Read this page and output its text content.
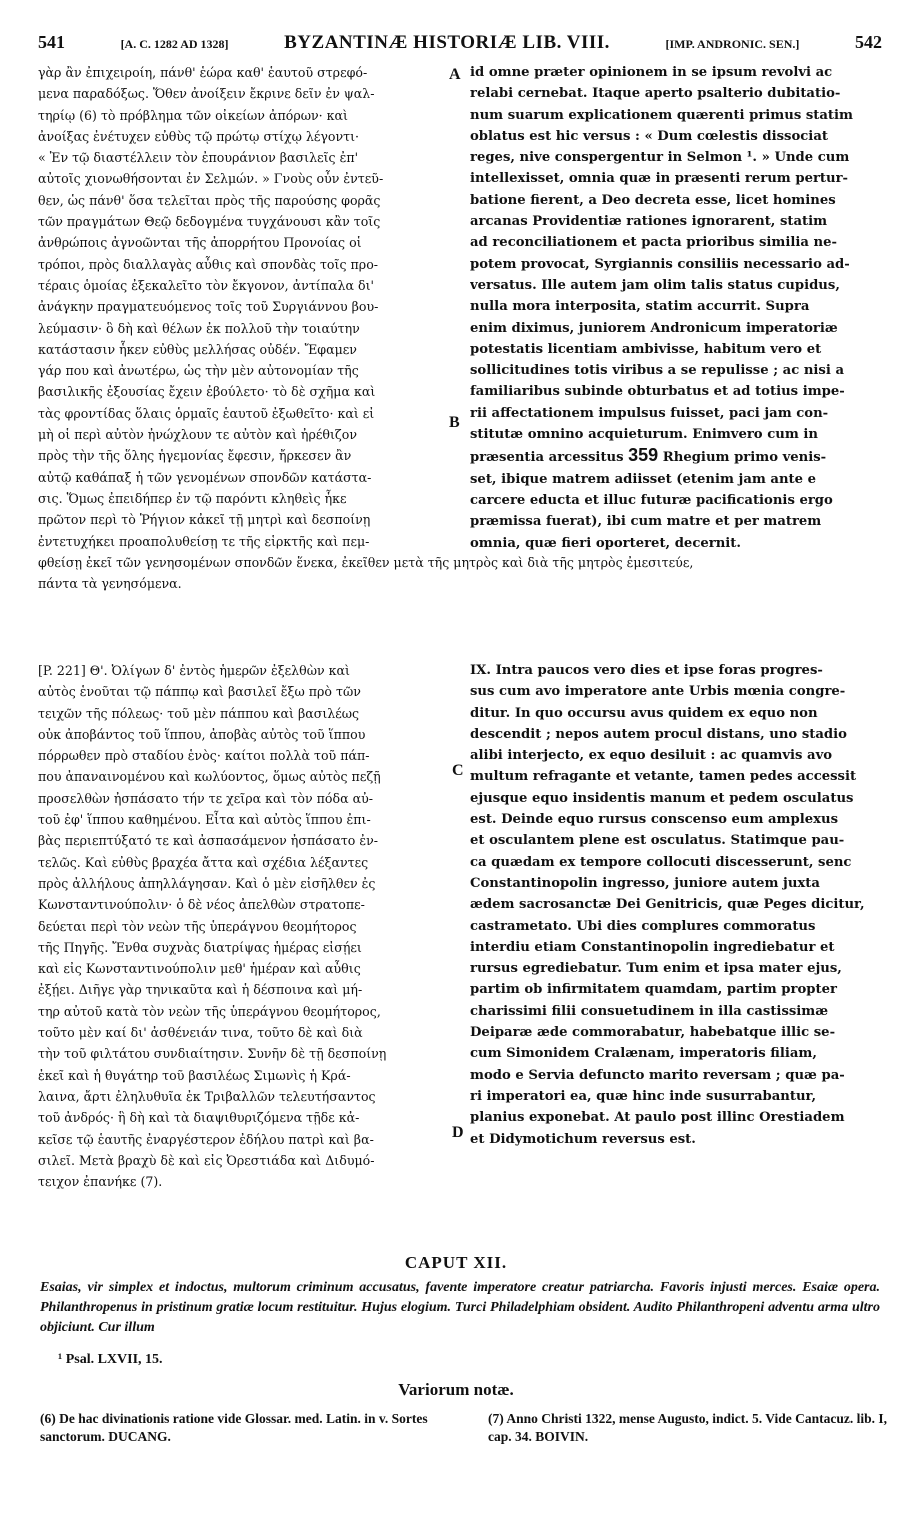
541	[A. C. 1282 AD 1328]	BYZANTINÆ HISTORIÆ LIB. VIII.	[IMP. ANDRONIC. SEN.]	542
γὰρ ἂν ἐπιχειροίη, πάνθ' ἑώρα καθ' ἑαυτοῦ στρεφό-
μενα παραδόξως. Ὅθεν ἀνοίξειν ἔκρινε δεῖν ἐν ψαλ-
τηρίῳ (6) τὸ πρόβλημα τῶν οἰκείων ἀπόρων· καὶ
ἀνοίξας ἐνέτυχεν εὐθὺς τῷ πρώτῳ στίχῳ λέγοντι·
« Ἐν τῷ διαστέλλειν τὸν ἐπουράνιον βασιλεῖς ἐπ'
αὐτοῖς χιονωθήσονται ἐν Σελμών. » Γνοὺς οὖν ἐντεῦ-
θεν, ὡς πάνθ' ὅσα τελεῖται πρὸς τῆς παρούσης φορᾶς
τῶν πραγμάτων Θεῷ δεδογμένα τυγχάνουσι κἂν τοῖς
ἀνθρώποις ἀγνοῶνται τῆς ἀπορρήτου Προνοίας οἱ
τρόποι, πρὸς διαλλαγὰς αὖθις καὶ σπονδὰς τοῖς προ-
τέραις ὁμοίας ἐξεκαλεῖτο τὸν ἔκγονον, ἀντίπαλα δι'
ἀνάγκην πραγματευόμενος τοῖς τοῦ Συργιάννου βου-
λεύμασιν· ὃ δὴ καὶ θέλων ἐκ πολλοῦ τὴν τοιαύτην
κατάστασιν ἧκεν εὐθὺς μελλήσας οὐδέν. Ἔφαμεν
γάρ που καὶ ἀνωτέρω, ὡς τὴν μὲν αὐτονομίαν τῆς
βασιλικῆς ἐξουσίας ἔχειν ἐβούλετο· τὸ δὲ σχῆμα καὶ
τὰς φροντίδας ὅλαις ὁρμαῖς ἑαυτοῦ ἐξωθεῖτο· καὶ εἰ
μὴ οἱ περὶ αὐτὸν ἠνώχλουν τε αὐτὸν καὶ ἠρέθιζον
πρὸς τὴν τῆς ὅλης ἡγεμονίας ἔφεσιν, ἤρκεσεν ἂν
αὐτῷ καθάπαξ ἡ τῶν γενομένων σπονδῶν κατάστα-
σις. Ὅμως ἐπειδήπερ ἐν τῷ παρόντι κληθεὶς ἧκε
πρῶτον περὶ τὸ Ῥήγιον κἀκεῖ τῇ μητρὶ καὶ δεσποίνῃ
ἐντετυχήκει προαπολυθείσῃ τε τῆς εἱρκτῆς καὶ πεμ-
φθείσῃ ἐκεῖ τῶν γενησομένων σπονδῶν ἕνεκα, ἐκεῖθεν μετὰ τῆς μητρὸς καὶ διὰ τῆς μητρὸς ἐμεσιτεύε,
πάντα τὰ γενησόμενα.
[P. 221] Θ'. Ὀλίγων δ' ἐντὸς ἡμερῶν ἐξελθὼν καὶ
αὐτὸς ἑνοῦται τῷ πάππῳ καὶ βασιλεῖ ἔξω πρὸ τῶν
τειχῶν τῆς πόλεως· τοῦ μὲν πάππου καὶ βασιλέως
οὐκ ἀποβάντος τοῦ ἵππου, ἀποβὰς αὐτὸς τοῦ ἵππου
πόρρωθεν πρὸ σταδίου ἑνὸς· καίτοι πολλὰ τοῦ πάπ-
που ἀπαναινομένου καὶ κωλύοντος, ὅμως αὐτὸς πεζῇ
προσελθὼν ἠσπάσατο τήν τε χεῖρα καὶ τὸν πόδα αὐ-
τοῦ ἐφ' ἵππου καθημένου. Εἶτα καὶ αὐτὸς ἵππου ἐπι-
βὰς περιεπτύξατό τε καὶ ἀσπασάμενον ἠσπάσατο ἐν-
τελῶς. Καὶ εὐθὺς βραχέα ἄττα καὶ σχέδια λέξαντες
πρὸς ἀλλήλους ἀπηλλάγησαν. Καὶ ὁ μὲν εἰσῆλθεν ἐς
Κωνσταντινούπολιν· ὁ δὲ νέος ἀπελθὼν στρατοπε-
δεύεται περὶ τὸν νεὼν τῆς ὑπεράγνου θεομήτορος
τῆς Πηγῆς. Ἔνθα συχνὰς διατρίψας ἡμέρας εἰσῄει
καὶ εἰς Κωνσταντινούπολιν μεθ' ἡμέραν καὶ αὖθις
ἐξῄει. Διῆγε γὰρ τηνικαῦτα καὶ ἡ δέσποινα καὶ μή-
τηρ αὐτοῦ κατὰ τὸν νεὼν τῆς ὑπεράγνου θεομήτορος,
τοῦτο μὲν καί δι' ἀσθένειάν τινα, τοῦτο δὲ καὶ διὰ
τὴν τοῦ φιλτάτου συνδιαίτησιν. Συνῆν δὲ τῇ δεσποίνῃ
ἐκεῖ καὶ ἡ θυγάτηρ τοῦ βασιλέως Σιμωνὶς ἡ Κρά-
λαινα, ἄρτι ἐληλυθυῖα ἐκ Τριβαλλῶν τελευτήσαντος
τοῦ ἀνδρός· ἣ δὴ καὶ τὰ διαψιθυριζόμενα τῇδε κἀ-
κεῖσε τῷ ἑαυτῆς ἐναργέστερον ἐδήλου πατρὶ καὶ βα-
σιλεῖ. Μετὰ βραχὺ δὲ καὶ εἰς Ὀρεστιάδα καὶ Διδυμό-
τειχον ἐπανήκε (7).
id omne præter opinionem in se ipsum revolvi ac
relabi cernebat. Itaque aperto psalterio dubitatio-
num suarum explicationem quærenti primus statim
oblatus est hic versus : « Dum cœlestis dissociat
reges, nive conspergentur in Selmon ¹. » Unde cum
intellexisset, omnia quæ in præsenti rerum pertur-
batione fierent, a Deo decreta esse, licet homines
arcanas Providentiæ rationes ignorarent, statim
ad reconciliationem et pacta prioribus similia ne-
potem provocat, Syrgiannis consiliis necessario ad-
versatus. Ille autem jam olim talis status cupidus,
nulla mora interposita, statim accurrit. Supra
enim diximus, juniorem Andronicum imperatoriæ
potestatis licentiam ambivisse, habitum vero et
sollicitudines totis viribus a se repulisse ; ac nisi a
familiaribus subinde obturbatus et ad totius impe-
rii affectationem impulsus fuisset, paci jam con-
stitutæ omnino acquieturum. Enimvero cum in
præsentia arcessitus 359 Rhegium primo venis-
set, ibique matrem adiisset (etenim jam ante e
carcere educta et illuc futuræ pacificationis ergo
præmissa fuerat), ibi cum matre et per matrem
omnia, quæ fieri oporteret, decernit.
IX. Intra paucos vero dies et ipse foras progres-
sus cum avo imperatore ante Urbis mœnia congre-
ditur. In quo occursu avus quidem ex equo non
descendit ; nepos autem procul distans, uno stadio
alibi interjecto, ex equo desiluit : ac quamvis avo
multum refragante et vetante, tamen pedes accessit
ejusque equo insidentis manum et pedem osculatus
est. Deinde equo rursus conscenso eum amplexus
et osculantem plene est osculatus. Statimque pau-
ca quædam ex tempore collocuti discesserunt, senc
Constantinopolin ingresso, juniore autem juxta
ædem sacrosanctæ Dei Genitricis, quæ Peges dicitur,
castrametato. Ubi dies complures commoratus
interdiu etiam Constantinopolin ingrediebatur et
rursus egrediebatur. Tum enim et ipsa mater ejus,
partim ob infirmitatem quamdam, partim propter
charissimi filii consuetudinem in illa castissimæ
Deiparæ æde commorabatur, habebatque illic se-
cum Simonidem Cralænam, imperatoris filiam,
modo e Servia defuncto marito reversam ; quæ pa-
ri imperatori ea, quæ hinc inde susurrabantur,
planius exponebat. At paulo post illinc Orestiadem
et Didymotichum reversus est.
A
B
C
D
CAPUT XII.
Esaias, vir simplex et indoctus, multorum criminum accusatus, favente imperatore creatur patriarcha. Favoris injusti merces. Esaiæ opera. Philanthropenus in pristinum gratiæ locum restituitur. Hujus elogium. Turci Philadelphiam obsident. Audito Philanthropeni adventu arma ultro objiciunt. Cur illum
¹ Psal. LXVII, 15.
Variorum notæ.
(6) De hac divinationis ratione vide Glossar. med. Latin. in v. Sortes sanctorum. DUCANG.
(7) Anno Christi 1322, mense Augusto, indict. 5. Vide Cantacuz. lib. I, cap. 34. BOIVIN.
